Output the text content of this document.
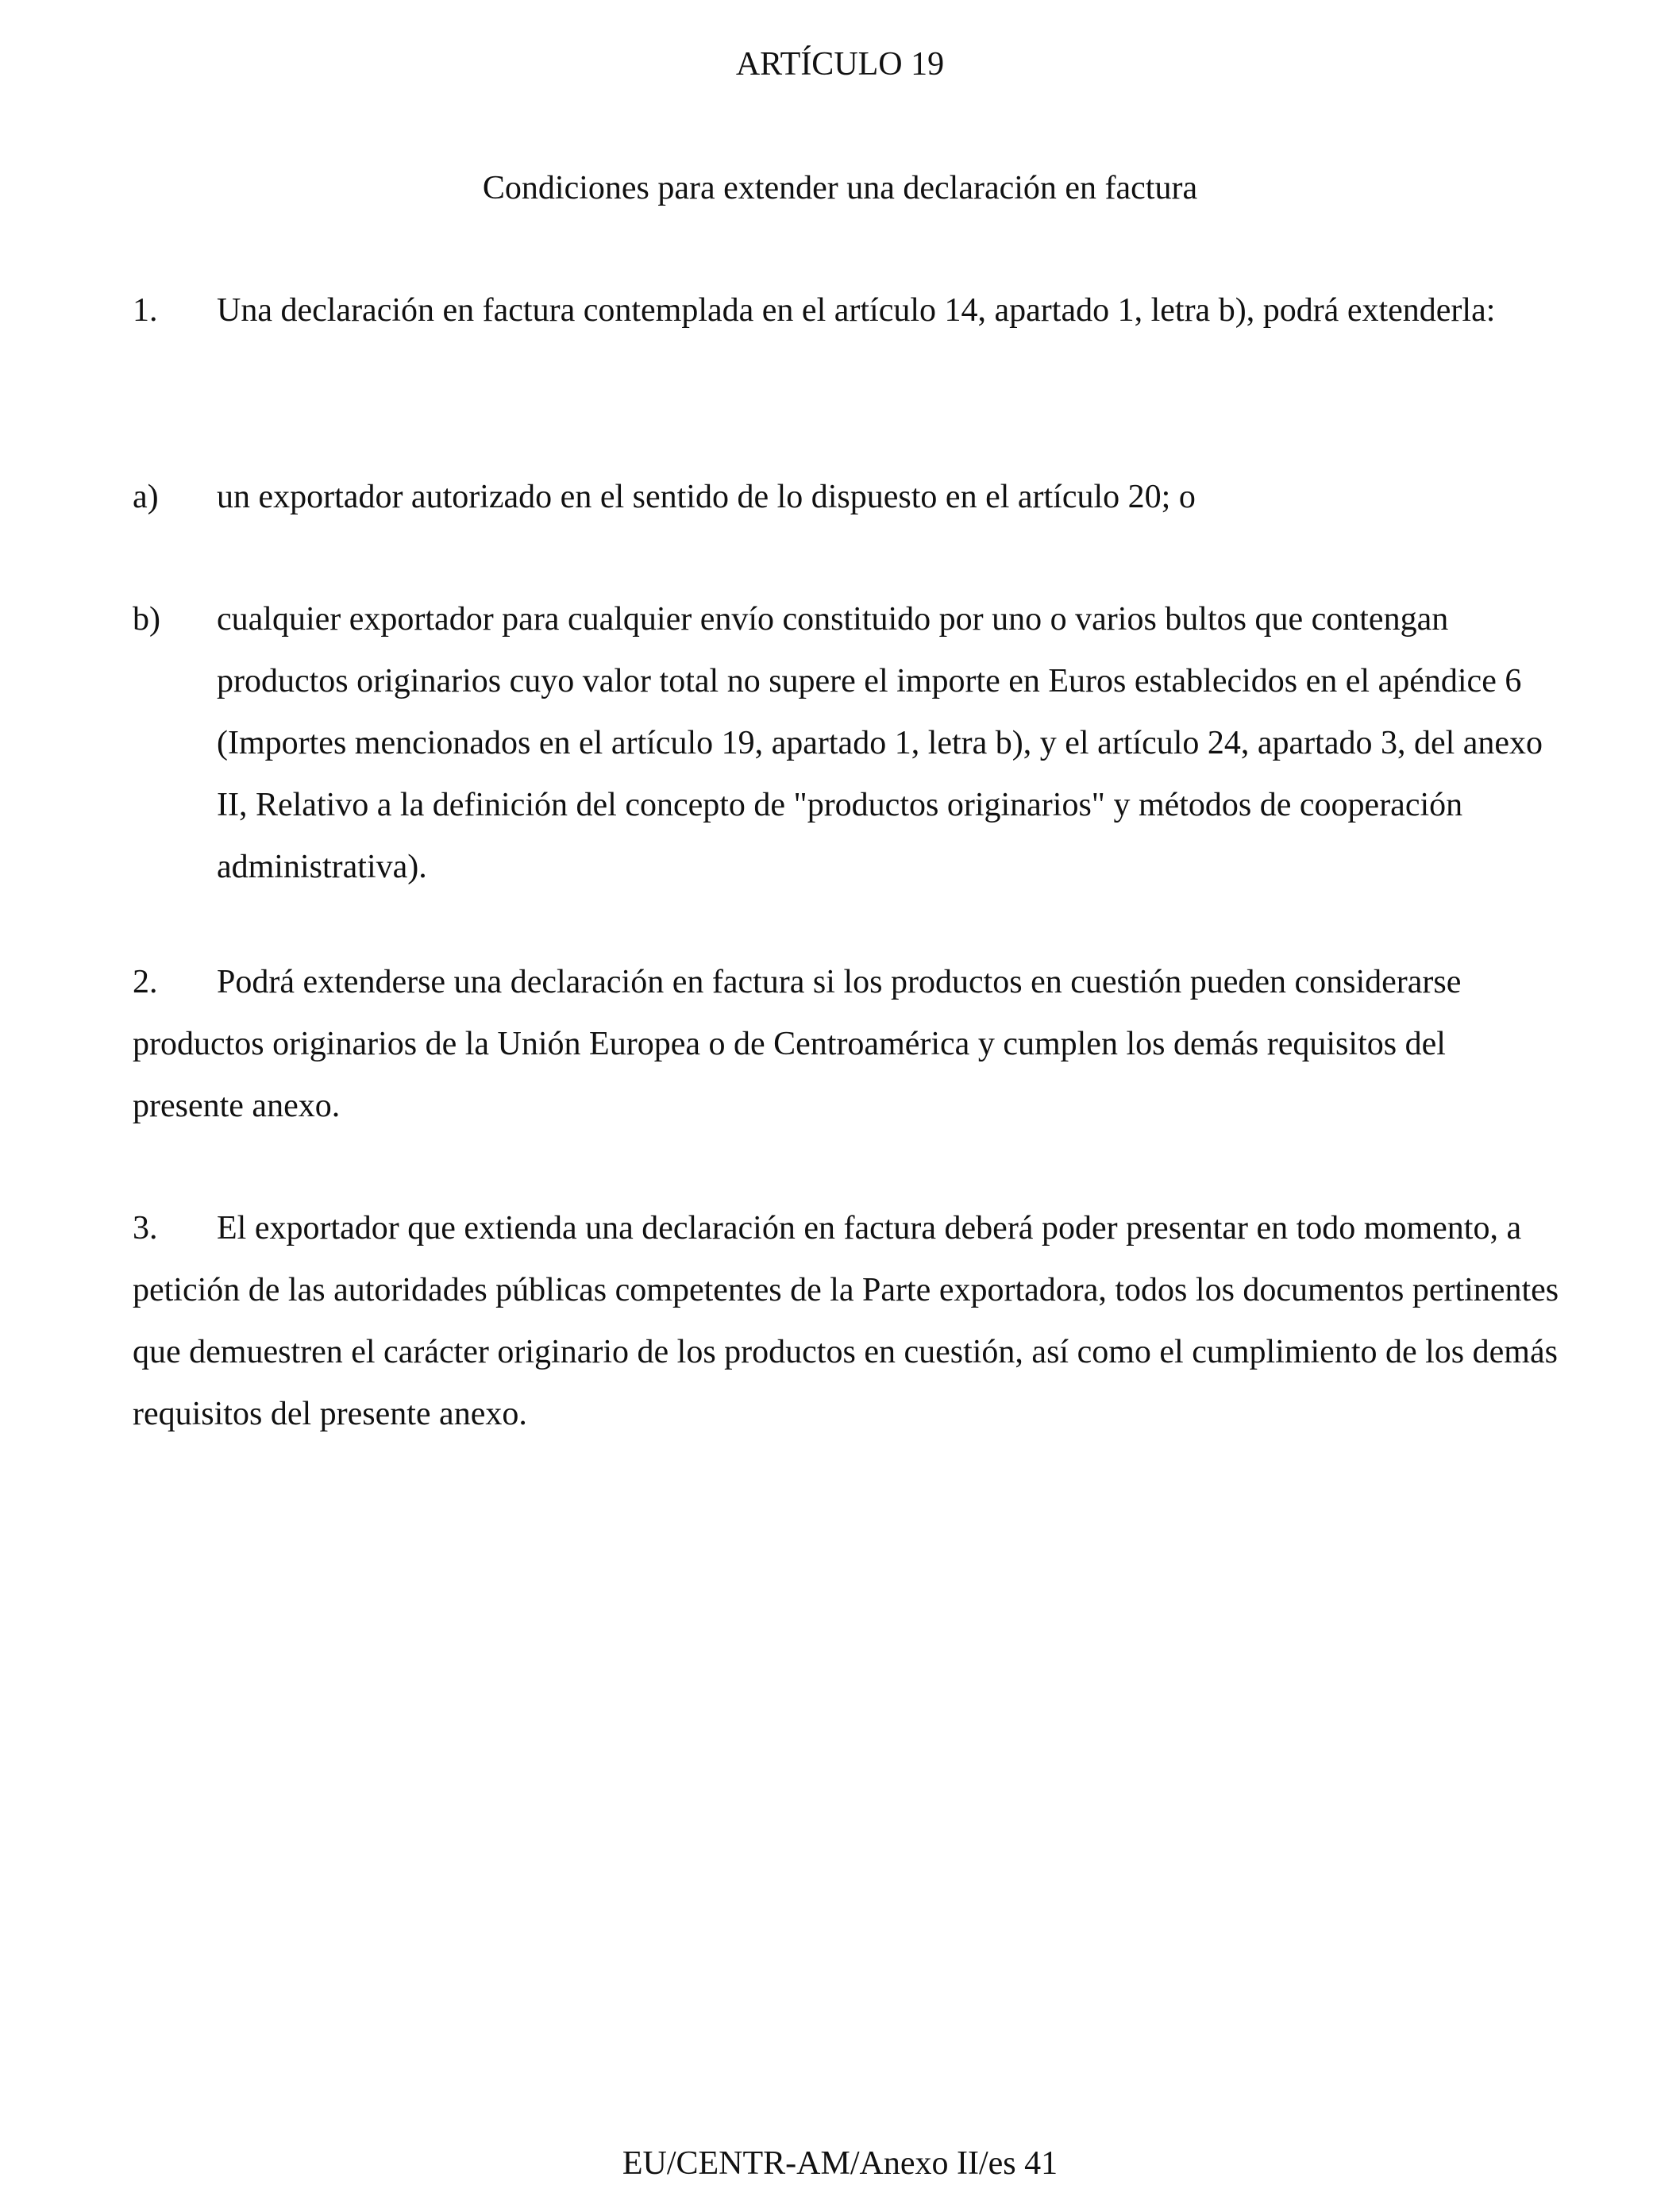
ARTÍCULO 19
Condiciones para extender una declaración en factura

1. Una declaración en factura contemplada en el artículo 14, apartado 1, letra b), podrá extenderla:

a) un exportador autorizado en el sentido de lo dispuesto en el artículo 20; o
b) cualquier exportador para cualquier envío constituido por uno o varios bultos que contengan productos originarios cuyo valor total no supere el importe en Euros establecidos en el apéndice 6 (Importes mencionados en el artículo 19, apartado 1, letra b), y el artículo 24, apartado 3, del anexo II, Relativo a la definición del concepto de "productos originarios" y métodos de cooperación administrativa).

2. Podrá extenderse una declaración en factura si los productos en cuestión pueden considerarse productos originarios de la Unión Europea o de Centroamérica y cumplen los demás requisitos del presente anexo.

3. El exportador que extienda una declaración en factura deberá poder presentar en todo momento, a petición de las autoridades públicas competentes de la Parte exportadora, todos los documentos pertinentes que demuestren el carácter originario de los productos en cuestión, así como el cumplimiento de los demás requisitos del presente anexo.

EU/CENTR-AM/Anexo II/es 41
